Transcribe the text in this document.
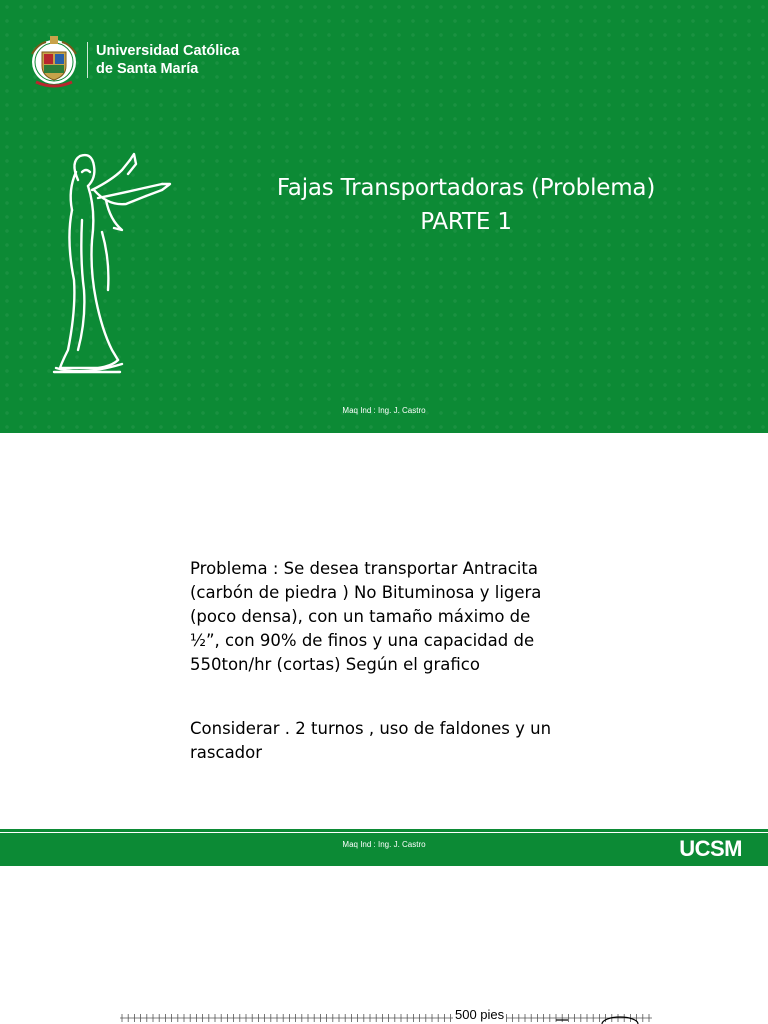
Universidad Católica
de Santa María
Fajas Transportadoras (Problema)
PARTE 1
Maq Ind : Ing. J. Castro
Problema : Se desea transportar Antracita
(carbón de piedra ) No Bituminosa y ligera
(poco densa), con un tamaño máximo de
½”, con 90% de finos y una capacidad de
550ton/hr (cortas) Según el grafico
Considerar . 2 turnos , uso de faldones y un
rascador
Maq Ind : Ing. J. Castro	UCSM
500 pies
